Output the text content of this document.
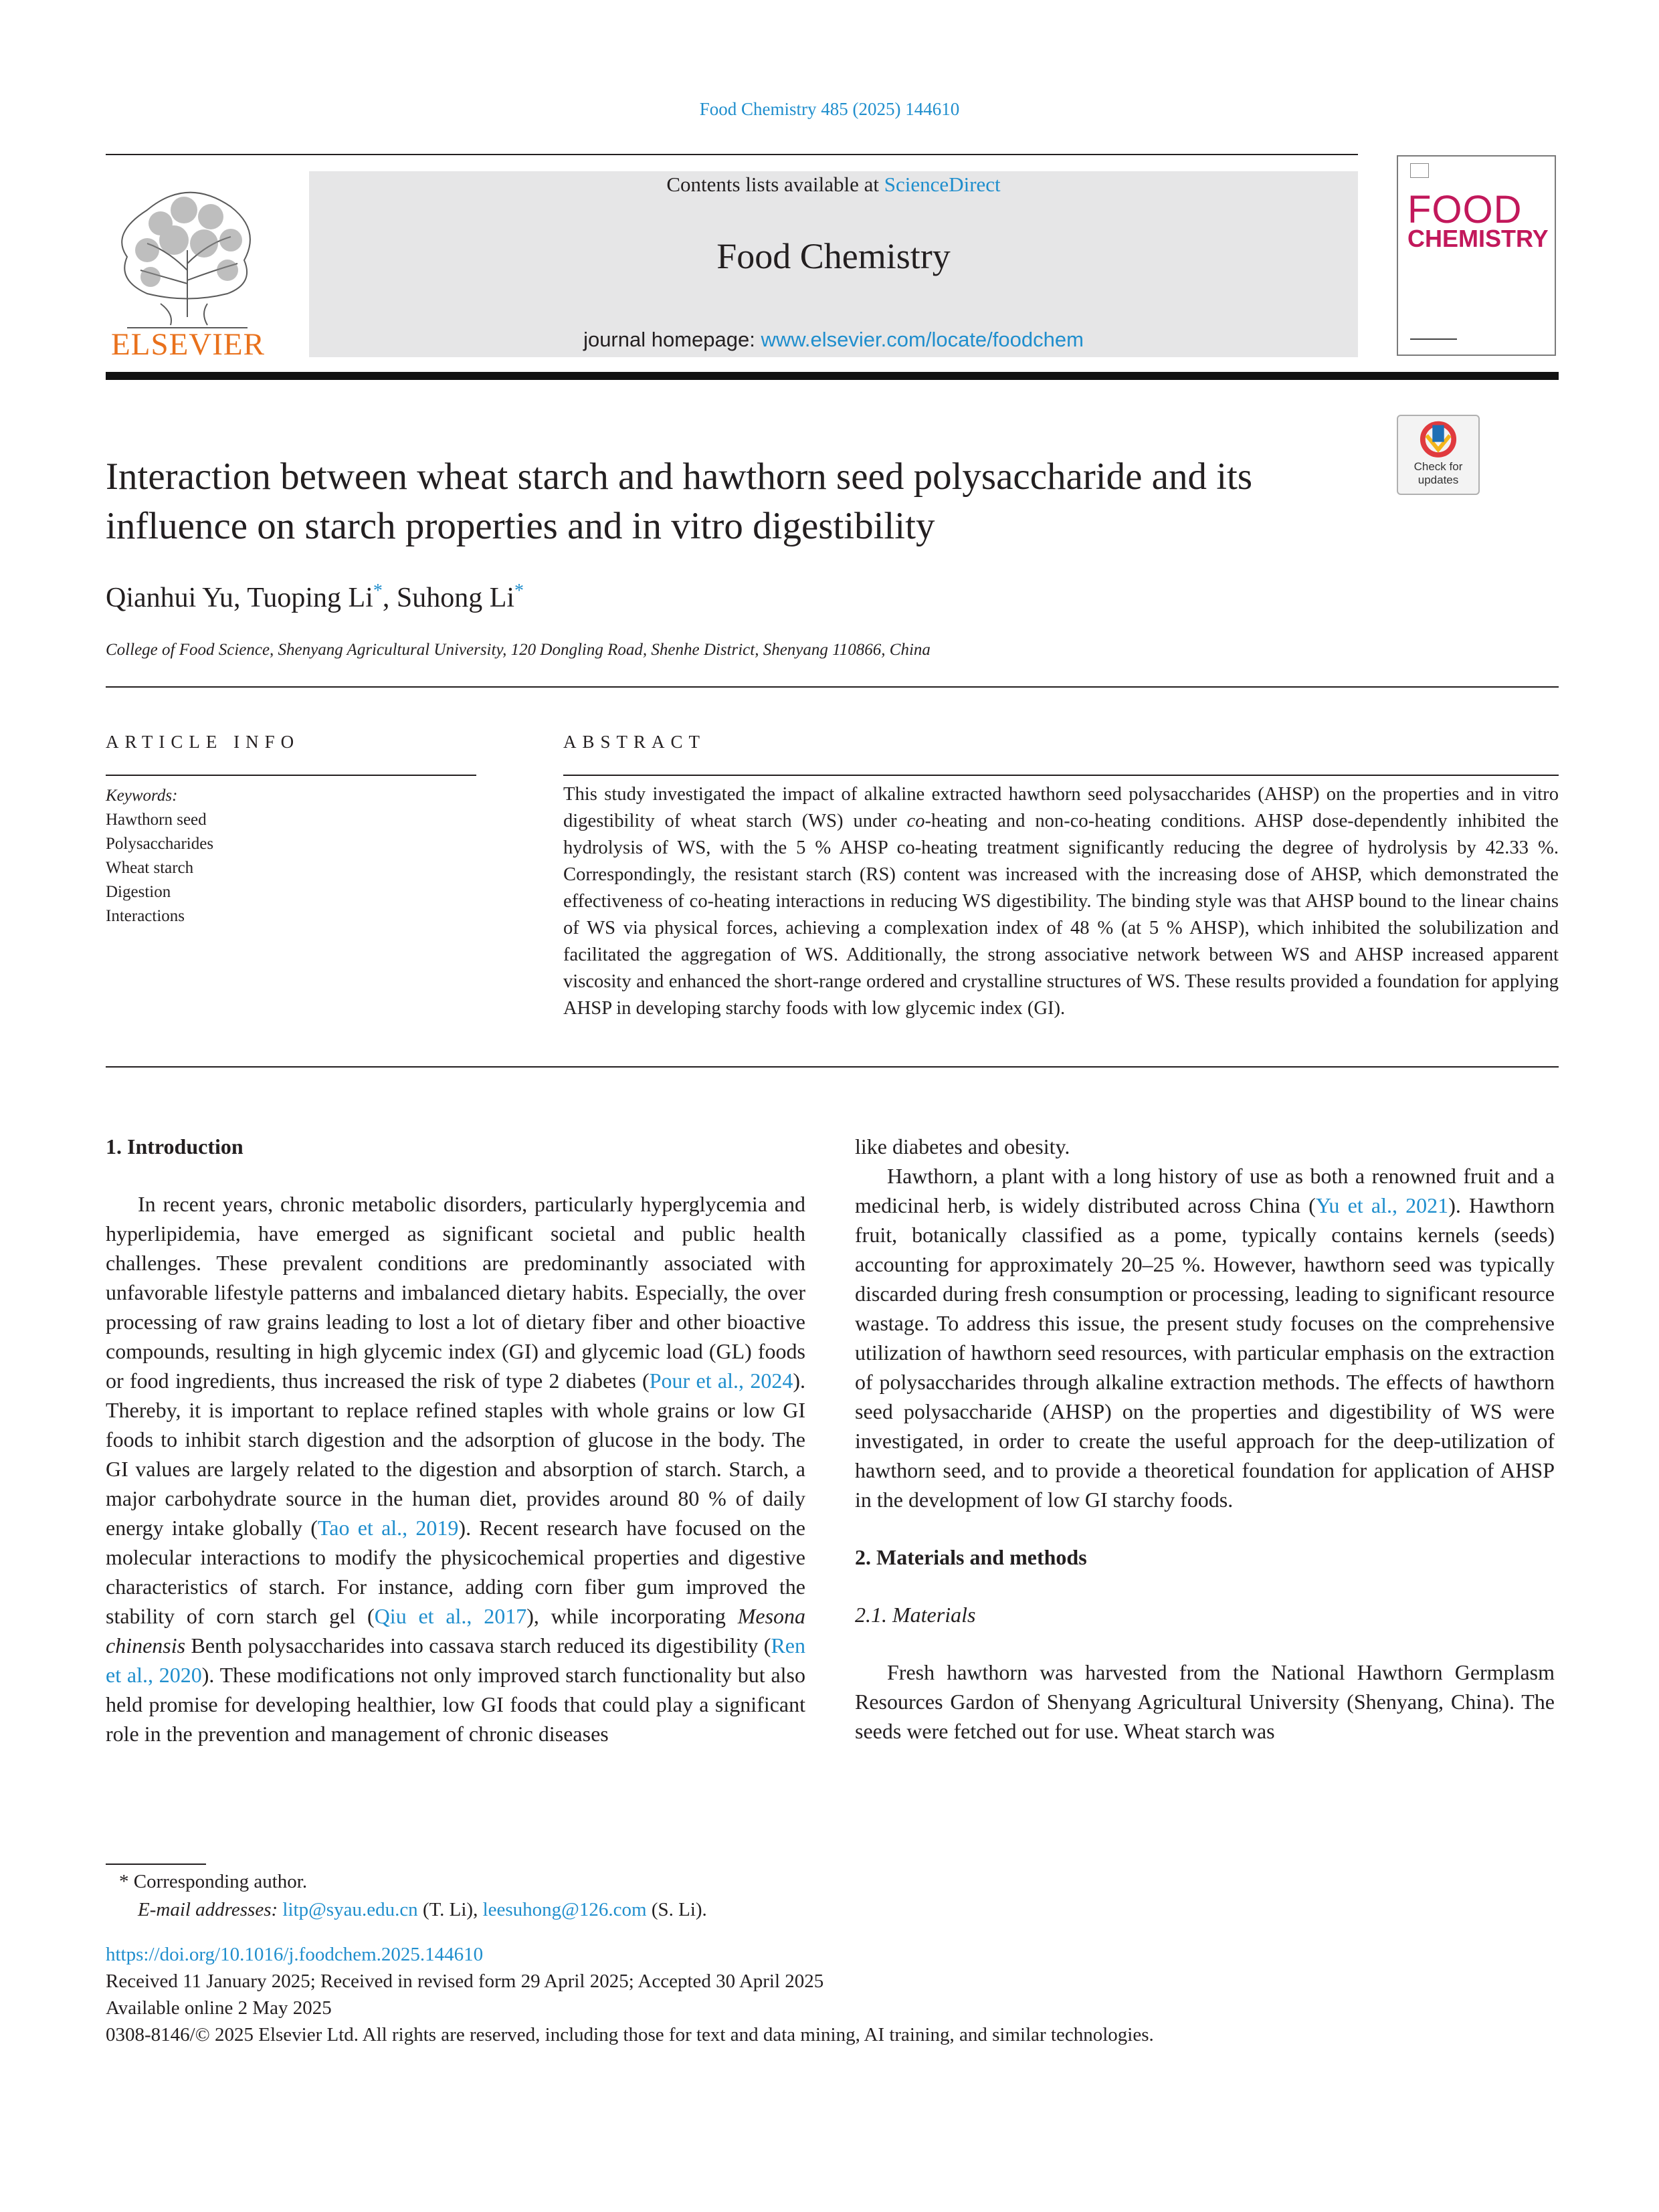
Food Chemistry 485 (2025) 144610
ELSEVIER
Contents lists available at ScienceDirect
Food Chemistry
journal homepage: www.elsevier.com/locate/foodchem
FOOD
CHEMISTRY
Interaction between wheat starch and hawthorn seed polysaccharide and its
influence on starch properties and in vitro digestibility
Check for
updates
Qianhui Yu, Tuoping Li*, Suhong Li*
College of Food Science, Shenyang Agricultural University, 120 Dongling Road, Shenhe District, Shenyang 110866, China
ARTICLE INFO
Keywords:
Hawthorn seed
Polysaccharides
Wheat starch
Digestion
Interactions
ABSTRACT
This study investigated the impact of alkaline extracted hawthorn seed polysaccharides (AHSP) on the properties and in vitro digestibility of wheat starch (WS) under co-heating and non-co-heating conditions. AHSP dose-dependently inhibited the hydrolysis of WS, with the 5 % AHSP co-heating treatment significantly reducing the degree of hydrolysis by 42.33 %. Correspondingly, the resistant starch (RS) content was increased with the increasing dose of AHSP, which demonstrated the effectiveness of co-heating interactions in reducing WS digestibility. The binding style was that AHSP bound to the linear chains of WS via physical forces, achieving a complexation index of 48 % (at 5 % AHSP), which inhibited the solubilization and facilitated the aggregation of WS. Additionally, the strong associative network between WS and AHSP increased apparent viscosity and enhanced the short-range ordered and crystalline structures of WS. These results provided a foundation for applying AHSP in developing starchy foods with low glycemic index (GI).
1. Introduction

In recent years, chronic metabolic disorders, particularly hyperglycemia and hyperlipidemia, have emerged as significant societal and public health challenges. These prevalent conditions are predominantly associated with unfavorable lifestyle patterns and imbalanced dietary habits. Especially, the over processing of raw grains leading to lost a lot of dietary fiber and other bioactive compounds, resulting in high glycemic index (GI) and glycemic load (GL) foods or food ingredients, thus increased the risk of type 2 diabetes (Pour et al., 2024). Thereby, it is important to replace refined staples with whole grains or low GI foods to inhibit starch digestion and the adsorption of glucose in the body. The GI values are largely related to the digestion and absorption of starch. Starch, a major carbohydrate source in the human diet, provides around 80 % of daily energy intake globally (Tao et al., 2019). Recent research have focused on the molecular interactions to modify the physicochemical properties and digestive characteristics of starch. For instance, adding corn fiber gum improved the stability of corn starch gel (Qiu et al., 2017), while incorporating Mesona chinensis Benth polysaccharides into cassava starch reduced its digestibility (Ren et al., 2020). These modifications not only improved starch functionality but also held promise for developing healthier, low GI foods that could play a significant role in the prevention and management of chronic diseases

like diabetes and obesity.

Hawthorn, a plant with a long history of use as both a renowned fruit and a medicinal herb, is widely distributed across China (Yu et al., 2021). Hawthorn fruit, botanically classified as a pome, typically contains kernels (seeds) accounting for approximately 20–25 %. However, hawthorn seed was typically discarded during fresh consumption or processing, leading to significant resource wastage. To address this issue, the present study focuses on the comprehensive utilization of hawthorn seed resources, with particular emphasis on the extraction of polysaccharides through alkaline extraction methods. The effects of hawthorn seed polysaccharide (AHSP) on the properties and digestibility of WS were investigated, in order to create the useful approach for the deep-utilization of hawthorn seed, and to provide a theoretical foundation for application of AHSP in the development of low GI starchy foods.

2. Materials and methods
2.1. Materials

Fresh hawthorn was harvested from the National Hawthorn Germplasm Resources Gardon of Shenyang Agricultural University (Shenyang, China). The seeds were fetched out for use. Wheat starch was

* Corresponding author.
E-mail addresses: litp@syau.edu.cn (T. Li), leesuhong@126.com (S. Li).
https://doi.org/10.1016/j.foodchem.2025.144610
Received 11 January 2025; Received in revised form 29 April 2025; Accepted 30 April 2025
Available online 2 May 2025
0308-8146/© 2025 Elsevier Ltd. All rights are reserved, including those for text and data mining, AI training, and similar technologies.
